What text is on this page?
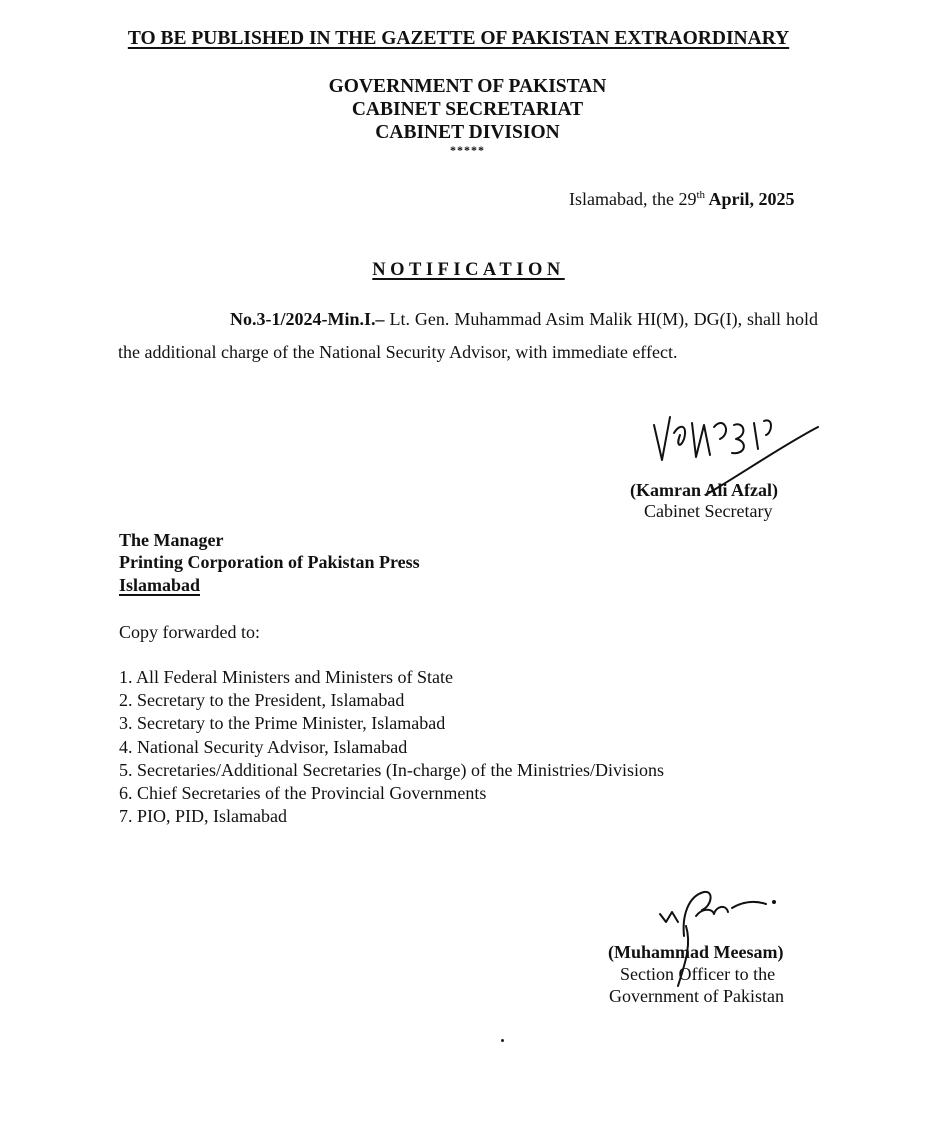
TO BE PUBLISHED IN THE GAZETTE OF PAKISTAN EXTRAORDINARY

GOVERNMENT OF PAKISTAN

CABINET SECRETARIAT

CABINET DIVISION

*****

Islamabad, the 29th April, 2025

NOTIFICATION

No.3-1/2024-Min.I.– Lt. Gen. Muhammad Asim Malik HI(M), DG(I), shall hold the additional charge of the National Security Advisor, with immediate effect.

(Kamran Ali Afzal)

Cabinet Secretary

The Manager

Printing Corporation of Pakistan Press

Islamabad

Copy forwarded to:

1. All Federal Ministers and Ministers of State
2. Secretary to the President, Islamabad
3. Secretary to the Prime Minister, Islamabad
4. National Security Advisor, Islamabad
5. Secretaries/Additional Secretaries (In-charge) of the Ministries/Divisions
6. Chief Secretaries of the Provincial Governments
7. PIO, PID, Islamabad

(Muhammad Meesam)

Section Officer to the

Government of Pakistan
